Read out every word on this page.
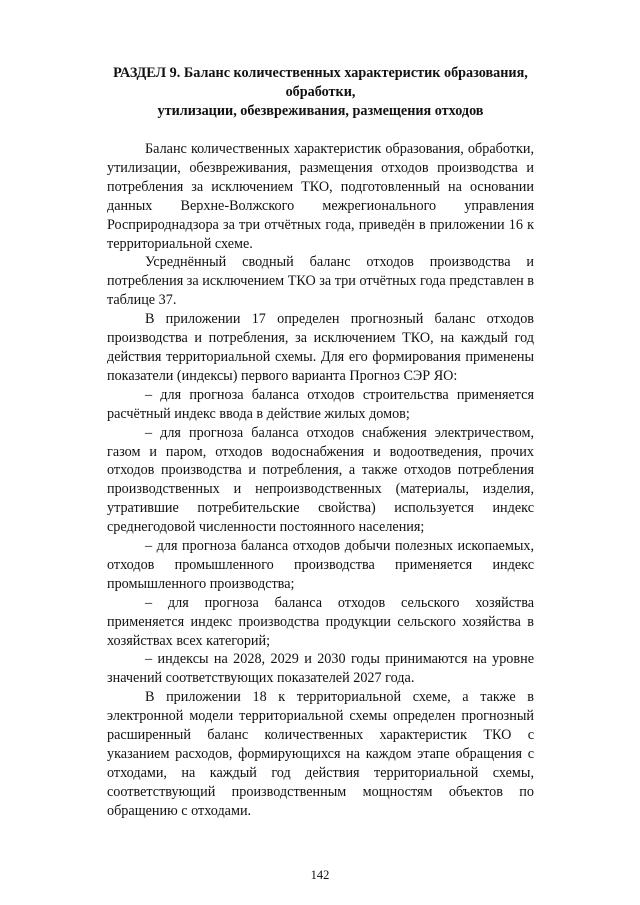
РАЗДЕЛ 9. Баланс количественных характеристик образования, обработки,
утилизации, обезвреживания, размещения отходов

Баланс количественных характеристик образования, обработки, утилизации, обезвреживания, размещения отходов производства и потребления за исключением ТКО, подготовленный на основании данных Верхне-Волжского межрегионального управления Росприроднадзора за три отчётных года, приведён в приложении 16 к территориальной схеме.

Усреднённый сводный баланс отходов производства и потребления за исключением ТКО за три отчётных года представлен в таблице 37.

В приложении 17 определен прогнозный баланс отходов производства и потребления, за исключением ТКО, на каждый год действия территориальной схемы. Для его формирования применены показатели (индексы) первого варианта Прогноз СЭР ЯО:

– для прогноза баланса отходов строительства применяется расчётный индекс ввода в действие жилых домов;

– для прогноза баланса отходов снабжения электричеством, газом и паром, отходов водоснабжения и водоотведения, прочих отходов производства и потребления, а также отходов потребления производственных и непроизводственных (материалы, изделия, утратившие потребительские свойства) используется индекс среднегодовой численности постоянного населения;

– для прогноза баланса отходов добычи полезных ископаемых, отходов промышленного производства применяется индекс промышленного производства;

– для прогноза баланса отходов сельского хозяйства применяется индекс производства продукции сельского хозяйства в хозяйствах всех категорий;

– индексы на 2028, 2029 и 2030 годы принимаются на уровне значений соответствующих показателей 2027 года.

В приложении 18 к территориальной схеме, а также в электронной модели территориальной схемы определен прогнозный расширенный баланс количественных характеристик ТКО с указанием расходов, формирующихся на каждом этапе обращения с отходами, на каждый год действия территориальной схемы, соответствующий производственным мощностям объектов по обращению с отходами.

142
